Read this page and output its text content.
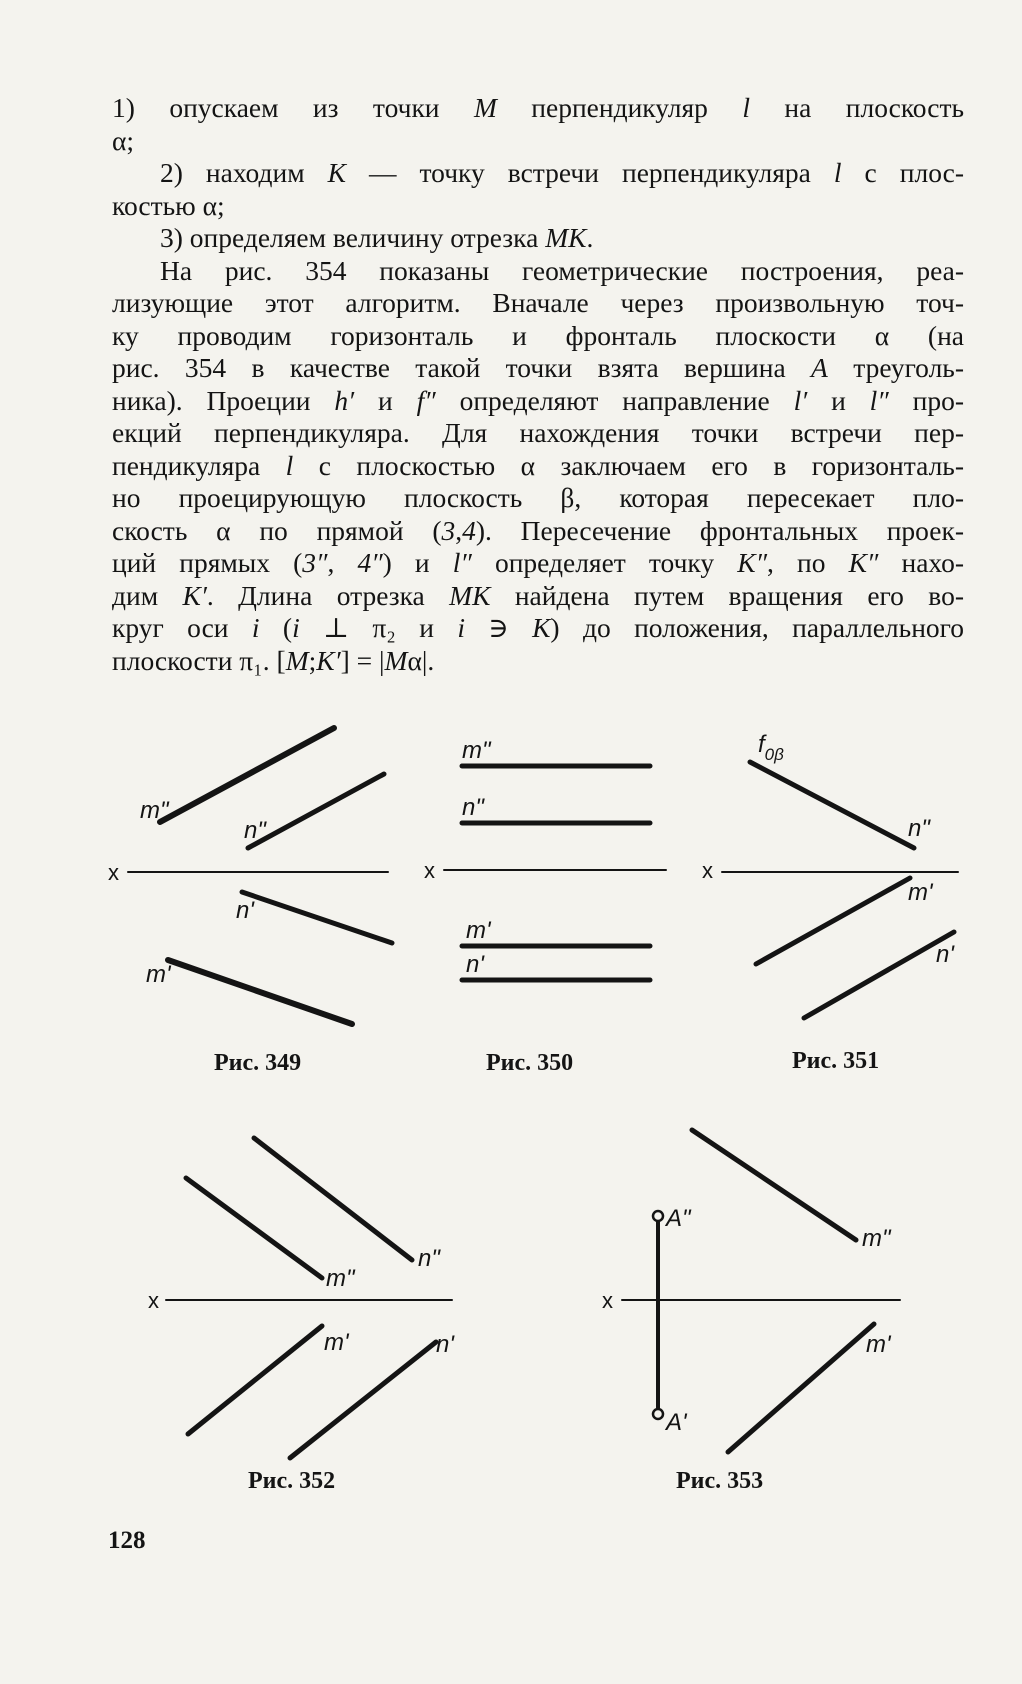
1) опускаем из точки M перпендикуляр l на плоскость

α;

2) находим K — точку встречи перпендикуляра l с плос-

костью α;

3) определяем величину отрезка MK.

На рис. 354 показаны геометрические построения, реа-

лизующие этот алгоритм. Вначале через произвольную точ-

ку проводим горизонталь и фронталь плоскости α (на

рис. 354 в качестве такой точки взята вершина A треуголь-

ника). Проеции h′ и f″ определяют направление l′ и l″ про-

екций перпендикуляра. Для нахождения точки встречи пер-

пендикуляра l с плоскостью α заключаем его в горизонталь-

но проецирующую плоскость β, которая пересекает пло-

скость α по прямой (3,4). Пересечение фронтальных проек-

ций прямых (3″, 4″) и l″ определяет точку K″, по K″ нахо-

дим K′. Длина отрезка MK найдена путем вращения его во-

круг оси i (i ⊥ π₂ и i ∋ K) до положения, параллельного

плоскости π₁. [M;K′] = |Mα|.

x
m"
n"
n'
m'
Рис. 349
x
m"
n"
m'
n'
Рис. 350
x
$f_{0\beta}$
n"
m'
n'
Рис. 351
x
m"
n"
m'	n'
Рис. 352
x
A"
A'
m"
m'
Рис. 353
128
